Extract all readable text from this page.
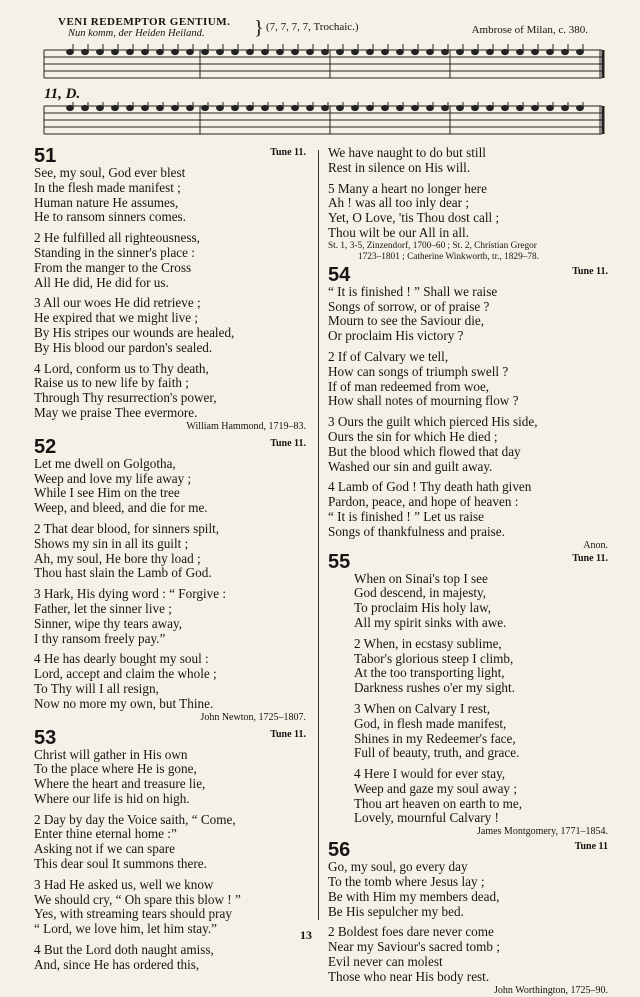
VENI REDEMPTOR GENTIUM. }
Nun komm, der Heiden Heiland.
(7, 7, 7, 7, Trochaic.)	Ambrose of Milan, c. 380.
11, D.
Tune 11.
51
See, my soul, God ever blest
In the flesh made manifest ;
Human nature He assumes,
He to ransom sinners comes.
2 He fulfilled all righteousness,
Standing in the sinner's place :
From the manger to the Cross
All He did, He did for us.
3 All our woes He did retrieve ;
He expired that we might live ;
By His stripes our wounds are healed,
By His blood our pardon's sealed.
4 Lord, conform us to Thy death,
Raise us to new life by faith ;
Through Thy resurrection's power,
May we praise Thee evermore.
William Hammond, 1719–83.
Tune 11.
52
Let me dwell on Golgotha,
Weep and love my life away ;
While I see Him on the tree
Weep, and bleed, and die for me.
2 That dear blood, for sinners spilt,
Shows my sin in all its guilt ;
Ah, my soul, He bore thy load ;
Thou hast slain the Lamb of God.
3 Hark, His dying word : “ Forgive :
Father, let the sinner live ;
Sinner, wipe thy tears away,
I thy ransom freely pay.”
4 He has dearly bought my soul :
Lord, accept and claim the whole ;
To Thy will I all resign,
Now no more my own, but Thine.
John Newton, 1725–1807.
Tune 11.
53
Christ will gather in His own
To the place where He is gone,
Where the heart and treasure lie,
Where our life is hid on high.
2 Day by day the Voice saith, “ Come,
Enter thine eternal home :”
Asking not if we can spare
This dear soul It summons there.
3 Had He asked us, well we know
We should cry, “ Oh spare this blow ! ”
Yes, with streaming tears should pray
“ Lord, we love him, let him stay.”
4 But the Lord doth naught amiss,
And, since He has ordered this,
We have naught to do but still
Rest in silence on His will.
5 Many a heart no longer here
Ah ! was all too inly dear ;
Yet, O Love, 'tis Thou dost call ;
Thou wilt be our All in all.
St. 1, 3-5, Zinzendorf, 1700–60 ; St. 2, Christian Gregor
1723–1801 ; Catherine Winkworth, tr., 1829–78.
Tune 11.
54
“ It is finished ! ” Shall we raise
Songs of sorrow, or of praise ?
Mourn to see the Saviour die,
Or proclaim His victory ?
2 If of Calvary we tell,
How can songs of triumph swell ?
If of man redeemed from woe,
How shall notes of mourning flow ?
3 Ours the guilt which pierced His side,
Ours the sin for which He died ;
But the blood which flowed that day
Washed our sin and guilt away.
4 Lamb of God ! Thy death hath given
Pardon, peace, and hope of heaven :
“ It is finished ! ” Let us raise
Songs of thankfulness and praise.
Anon.
Tune 11.
55
When on Sinai's top I see
God descend, in majesty,
To proclaim His holy law,
All my spirit sinks with awe.
2 When, in ecstasy sublime,
Tabor's glorious steep I climb,
At the too transporting light,
Darkness rushes o'er my sight.
3 When on Calvary I rest,
God, in flesh made manifest,
Shines in my Redeemer's face,
Full of beauty, truth, and grace.
4 Here I would for ever stay,
Weep and gaze my soul away ;
Thou art heaven on earth to me,
Lovely, mournful Calvary !
James Montgomery, 1771–1854.
Tune 11
56
Go, my soul, go every day
To the tomb where Jesus lay ;
Be with Him my members dead,
Be His sepulcher my bed.
2 Boldest foes dare never come
Near my Saviour's sacred tomb ;
Evil never can molest
Those who near His body rest.
John Worthington, 1725–90.
13
